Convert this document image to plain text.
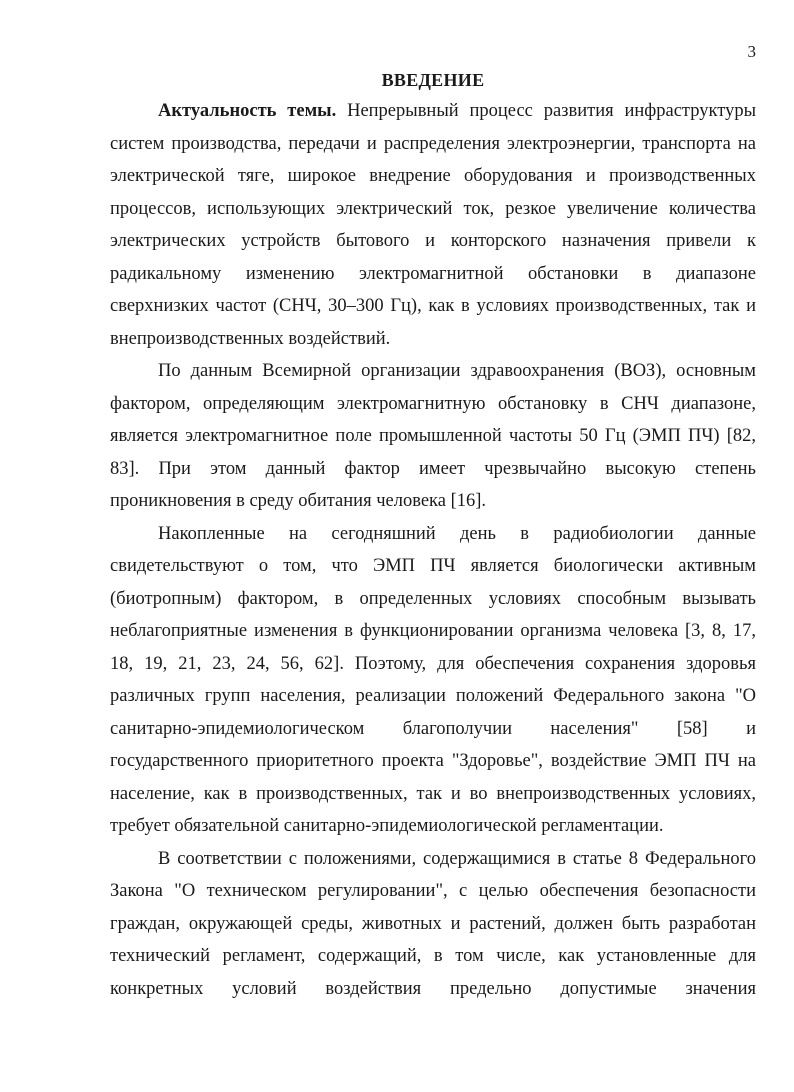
3
ВВЕДЕНИЕ

Актуальность темы. Непрерывный процесс развития инфраструктуры систем производства, передачи и распределения электроэнергии, транспорта на электрической тяге, широкое внедрение оборудования и производственных процессов, использующих электрический ток, резкое увеличение количества электрических устройств бытового и конторского назначения привели к радикальному изменению электромагнитной обстановки в диапазоне сверхнизких частот (СНЧ, 30–300 Гц), как в условиях производственных, так и внепроизводственных воздействий.

По данным Всемирной организации здравоохранения (ВОЗ), основным фактором, определяющим электромагнитную обстановку в СНЧ диапазоне, является электромагнитное поле промышленной частоты 50 Гц (ЭМП ПЧ) [82, 83]. При этом данный фактор имеет чрезвычайно высокую степень проникновения в среду обитания человека [16].

Накопленные на сегодняшний день в радиобиологии данные свидетельствуют о том, что ЭМП ПЧ является биологически активным (биотропным) фактором, в определенных условиях способным вызывать неблагоприятные изменения в функционировании организма человека [3, 8, 17, 18, 19, 21, 23, 24, 56, 62]. Поэтому, для обеспечения сохранения здоровья различных групп населения, реализации положений Федерального закона "О санитарно-эпидемиологическом благополучии населения" [58] и государственного приоритетного проекта "Здоровье", воздействие ЭМП ПЧ на население, как в производственных, так и во внепроизводственных условиях, требует обязательной санитарно-эпидемиологической регламентации.

В соответствии с положениями, содержащимися в статье 8 Федерального Закона "О техническом регулировании", с целью обеспечения безопасности граждан, окружающей среды, животных и растений, должен быть разработан технический регламент, содержащий, в том числе, как установленные для конкретных условий воздействия предельно допустимые значения
